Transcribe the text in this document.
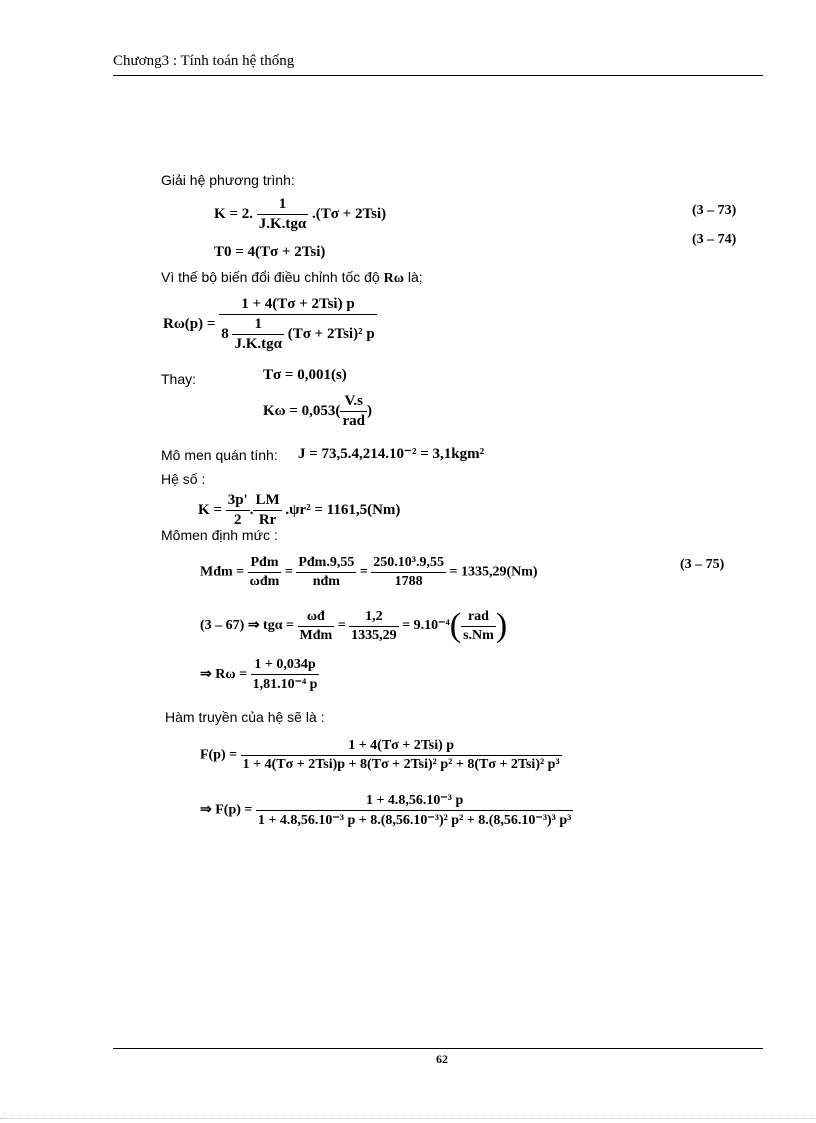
Chương3 : Tính toán hệ thống
Giải hệ phương trình:
K = 2. $\frac{1}{\text{J.K.tgα}} .(T\sigma + 2Tsi)$	(3 – 73)
T0 = 4(Tσ + 2Tsi)
(3 – 74)
Vì thế bộ biến đổi điều chỉnh tốc độ Rω là;
Rω(p) =
1 + 4(Tσ + 2Tsi) p
$8 \frac{1}{\text{J.K.tgα}} (T\sigma + 2Tsi)^2$ p
Thay:	Tσ = 0,001(s)
$K\omega = 0,053( \frac{V.s}{\text{rad}}$ )
Mô men quán tính: J = 73,5.4,214.10⁻² = 3,1kgm²
Hệ số :
$K = \frac{3p'}{2}$ . $\frac{LM}{Rr} .\psi r^2 = 1161,5(Nm)$
Mômen định mức :
Mđm = $\frac{\text{Pđm}}{\text{ωđm}} = \frac{\text{Pđm.9,55}}{\text{nđm}} = \frac{\text{250.10³.9,55}}{1788} = 1335,29(Nm)$
(3 – 75)
(3 – 67) ⇒ $tg\alpha = \frac{\omega đ}{\text{Mđm}} = \frac{1,2}{1335,29} = 9.10^{-4}( \frac{\text{rad}}{s.Nm}$ )
⇒ $R\omega = \frac{1 + 0,034p}{\text{1,81.10⁻⁴ p}}$
Hàm truyền của hệ sẽ là :
$F(p) = \frac{\text{1 + 4(Tσ + 2Tsi) p}}{\text{1 + 4(Tσ + 2Tsi)p + 8(Tσ + 2Tsi)² p² + 8(Tσ + 2Tsi)² p³}}$
⇒ $F(p) = \frac{\text{1 + 4.8,56.10⁻³ p}}{\text{1 + 4.8,56.10⁻³ p + 8.(8,56.10⁻³)² p² + 8.(8,56.10⁻³)³ p³}}$
62
